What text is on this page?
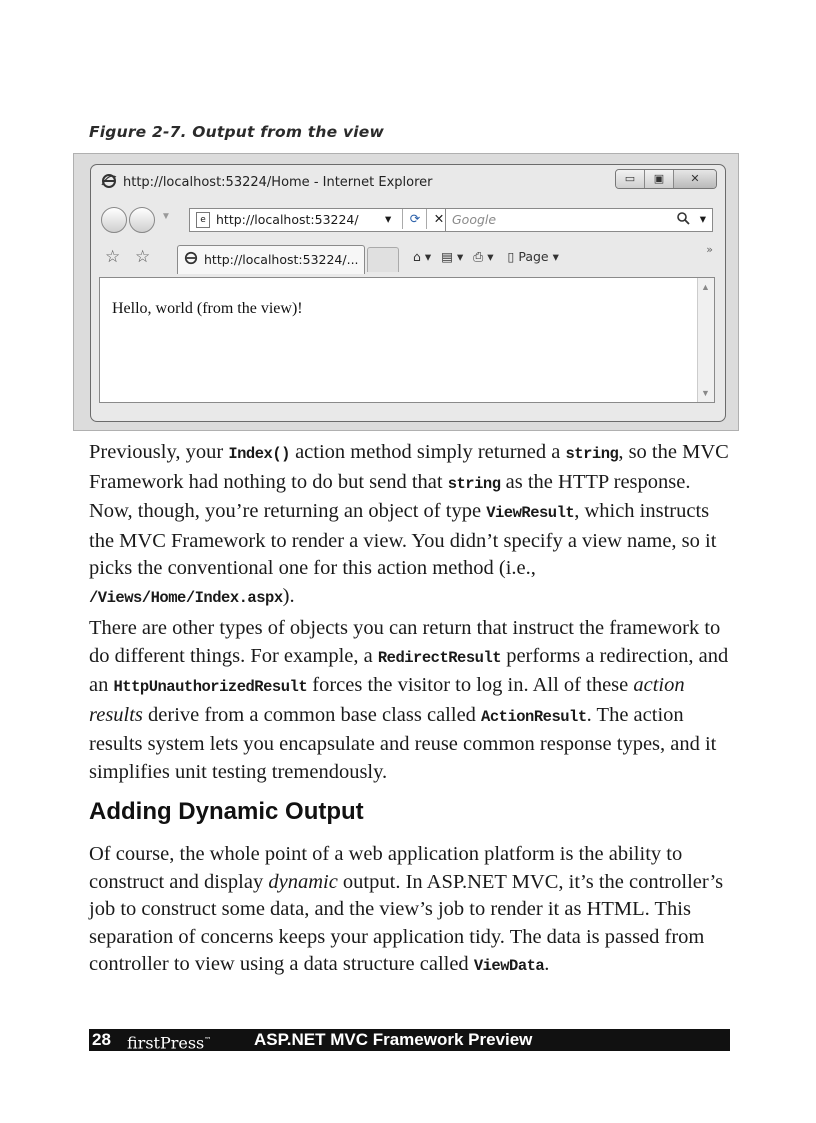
Figure 2-7. Output from the view
http://localhost:53224/Home - Internet Explorer	▭	▣	✕
▼	e http://localhost:53224/ ▾	⟳	✕ Google	▾
☆ ☆	http://localhost:53224/...	⌂ ▾ ▤ ▾ ⎙ ▾ ▯ Page ▾	»
Hello, world (from the view)!
▲
▼

Previously, your Index() action method simply returned a string, so the MVC Framework had nothing to do but send that string as the HTTP response. Now, though, you’re returning an object of type ViewResult, which instructs the MVC Framework to render a view. You didn’t specify a view name, so it picks the conventional one for this action method (i.e., /Views/Home/Index.aspx).

There are other types of objects you can return that instruct the framework to do different things. For example, a RedirectResult performs a redirection, and an HttpUnauthorizedResult forces the visitor to log in. All of these action results derive from a common base class called ActionResult. The action results system lets you encapsulate and reuse common response types, and it simplifies unit testing tremendously.

Adding Dynamic Output

Of course, the whole point of a web application platform is the ability to construct and display dynamic output. In ASP.NET MVC, it’s the controller’s job to construct some data, and the view’s job to render it as HTML. This separation of concerns keeps your application tidy. The data is passed from controller to view using a data structure called ViewData.

28 firstPress™	ASP.NET MVC Framework Preview
